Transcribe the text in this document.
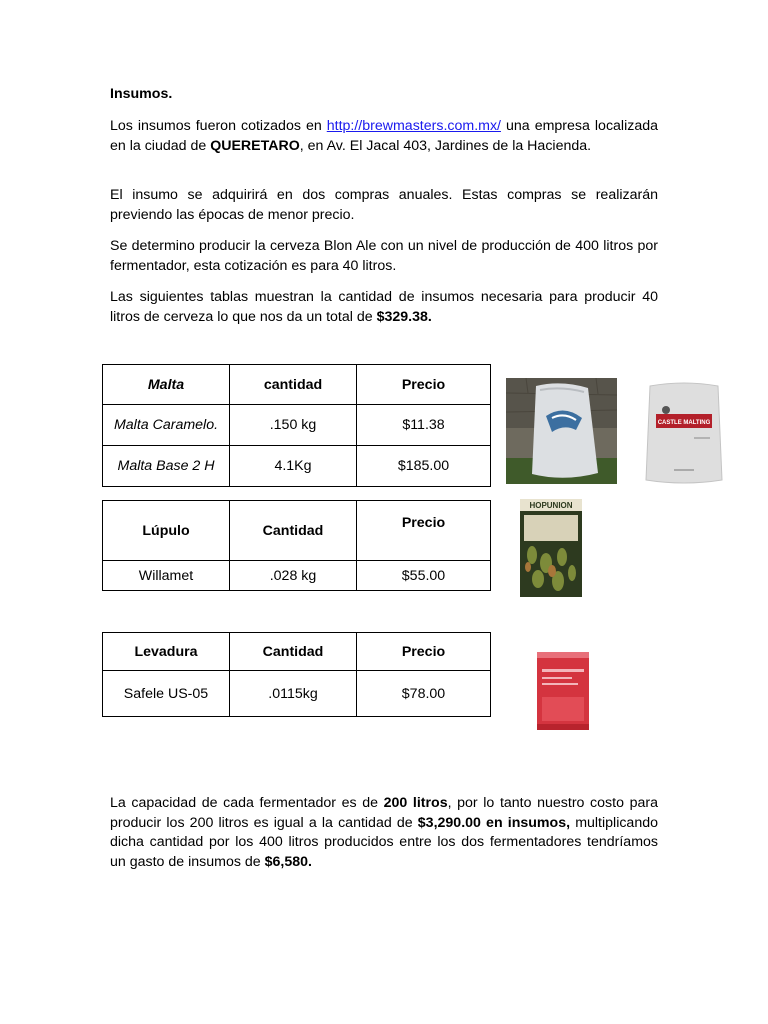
Insumos.

Los insumos fueron cotizados en http://brewmasters.com.mx/ una empresa localizada en la ciudad de QUERETARO, en Av. El Jacal 403, Jardines de la Hacienda.

El insumo se adquirirá en dos compras anuales. Estas compras se realizarán previendo las épocas de menor precio.

Se determino producir la cerveza Blon Ale con un nivel de producción de 400 litros por fermentador, esta cotización es para 40 litros.

Las siguientes tablas muestran la cantidad de insumos necesaria para producir 40 litros de cerveza lo que nos da un total de $329.38.

Malta	cantidad	Precio
Malta Caramelo.	.150 kg	$11.38
Malta Base 2 H	4.1Kg	$185.00
Lúpulo	Cantidad	Precio
Willamet	.028 kg	$55.00
Levadura	Cantidad	Precio
Safele US-05	.0115kg	$78.00
CASTLE MALTING
HOPUNION

La capacidad de cada fermentador es de 200 litros, por lo tanto nuestro costo para producir los 200 litros es igual a la cantidad de $3,290.00 en insumos, multiplicando dicha cantidad por los 400 litros producidos entre los dos fermentadores tendríamos un gasto de insumos de $6,580.
